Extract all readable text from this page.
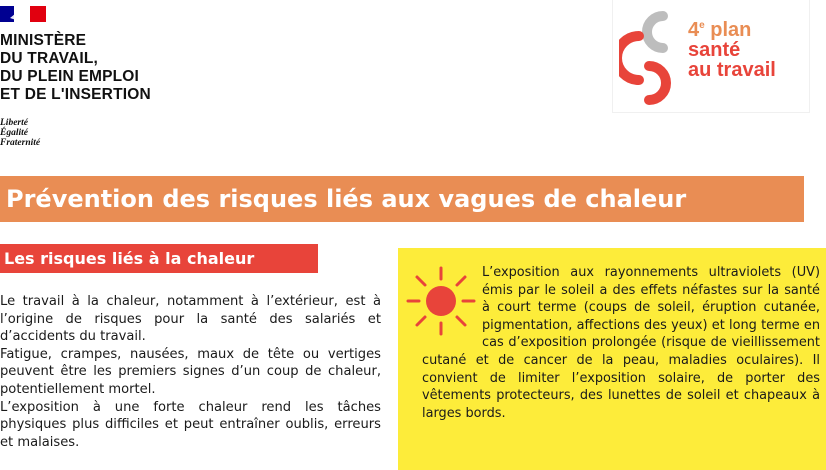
MINISTÈRE
DU TRAVAIL,
DU PLEIN EMPLOI
ET DE L'INSERTION
Liberté
Égalité
Fraternité
4e plan
santé
au travail
Prévention des risques liés aux vagues de chaleur
Les risques liés à la chaleur

Le travail à la chaleur, notamment à l’extérieur, est à l’origine de risques pour la santé des salariés et d’accidents du travail.

Fatigue, crampes, nausées, maux de tête ou vertiges peuvent être les premiers signes d’un coup de chaleur, potentiellement mortel.

L’exposition à une forte chaleur rend les tâches physiques plus difficiles et peut entraîner oublis, erreurs et malaises.

L’exposition aux rayonnements ultraviolets (UV) émis par le soleil a des effets néfastes sur la santé à court terme (coups de soleil, éruption cutanée, pigmentation, affections des yeux) et long terme en cas d’exposition prolongée (risque de vieillissement cutané et de cancer de la peau, maladies oculaires). Il convient de limiter l’exposition solaire, de porter des vêtements protecteurs, des lunettes de soleil et chapeaux à larges bords.
